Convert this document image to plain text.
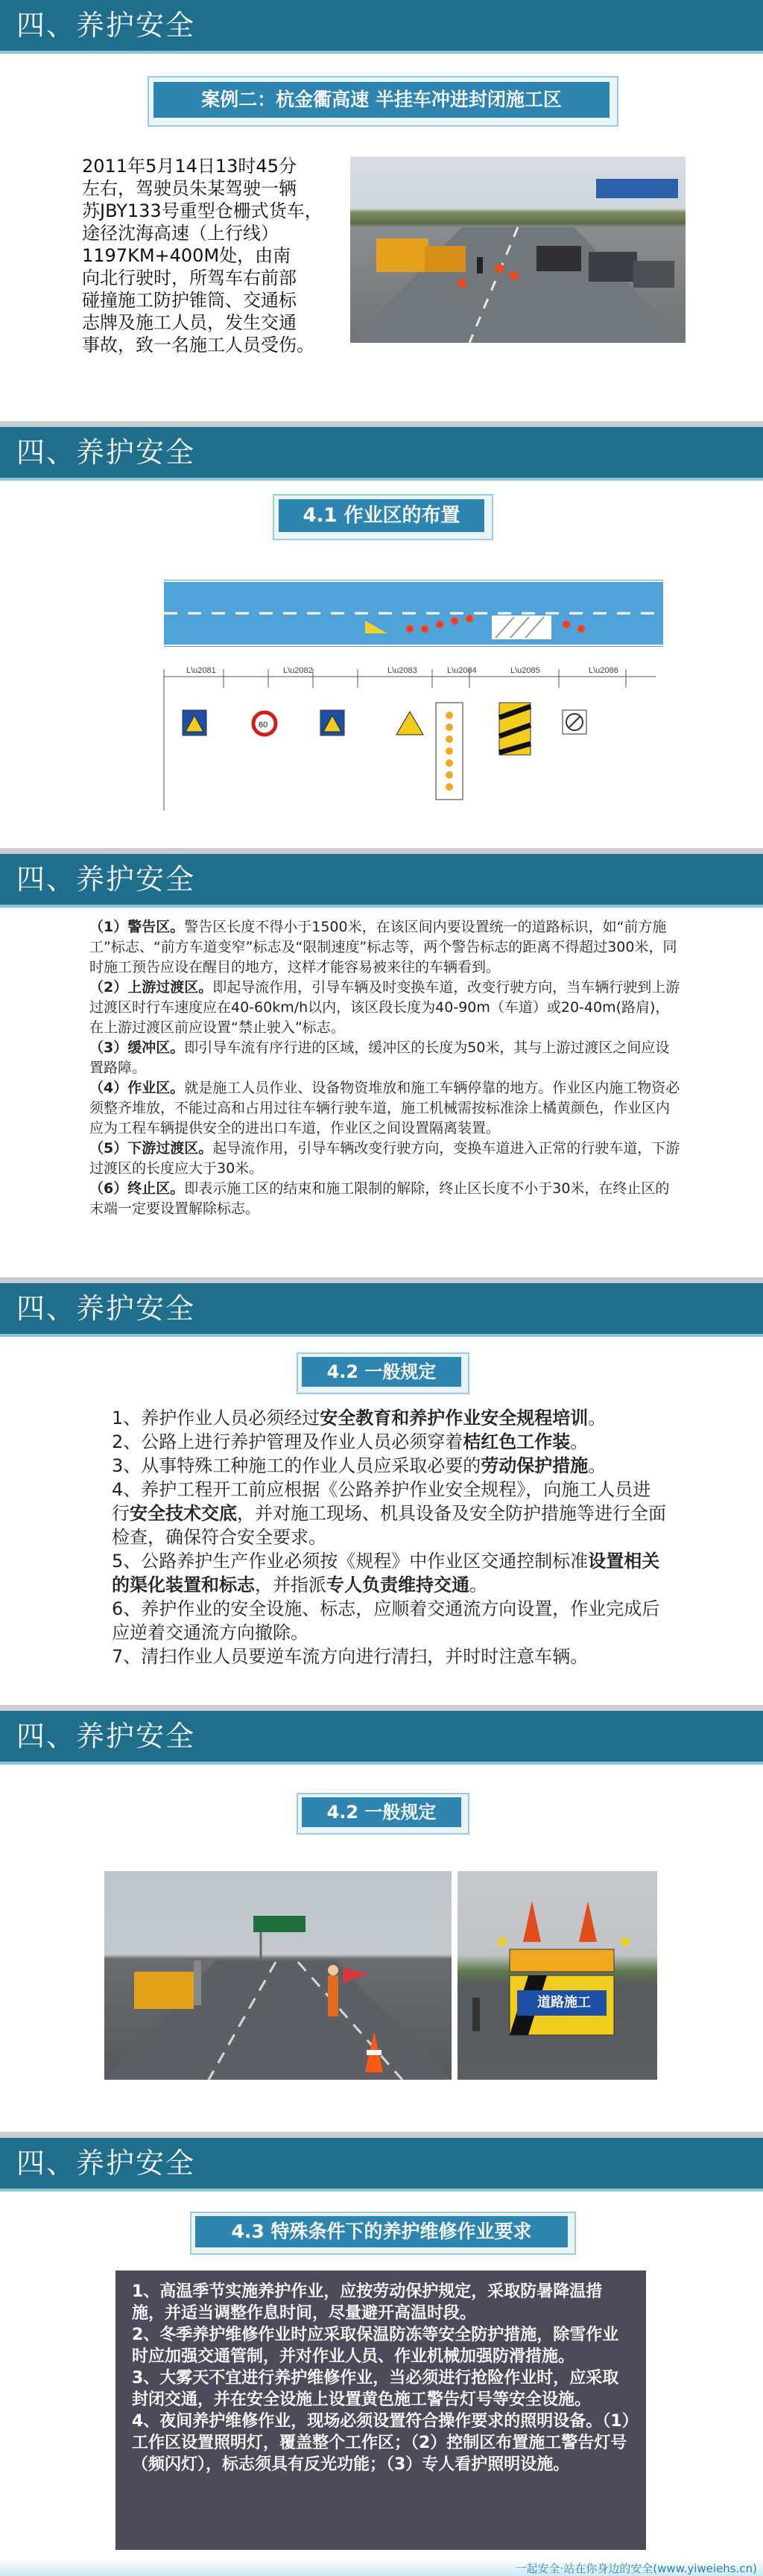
四、养护安全
案例二：杭金衢高速 半挂车冲进封闭施工区
2011年5月14日13时45分
左右，驾驶员朱某驾驶一辆
苏JBY133号重型仓栅式货车，
途径沈海高速（上行线）
1197KM+400M处，由南
向北行驶时，所驾车右前部
碰撞施工防护锥筒、交通标
志牌及施工人员，发生交通
事故，致一名施工人员受伤。
四、养护安全
4.1 作业区的布置
L\u2081	L\u2082	L\u2083	L\u2084	L\u2085	L\u2086
60
四、养护安全
（1）警告区。警告区长度不得小于1500米，在该区间内要设置统一的道路标识，如“前方施工”标志、“前方车道变窄”标志及“限制速度”标志等，两个警告标志的距离不得超过300米，同时施工预告应设在醒目的地方，这样才能容易被来往的车辆看到。
（2）上游过渡区。即起导流作用，引导车辆及时变换车道，改变行驶方向，当车辆行驶到上游过渡区时行车速度应在40-60km/h以内，该区段长度为40-90m（车道）或20-40m(路肩)，在上游过渡区前应设置“禁止驶入”标志。
（3）缓冲区。即引导车流有序行进的区域，缓冲区的长度为50米，其与上游过渡区之间应设置路障。
（4）作业区。就是施工人员作业、设备物资堆放和施工车辆停靠的地方。作业区内施工物资必须整齐堆放，不能过高和占用过往车辆行驶车道，施工机械需按标准涂上橘黄颜色，作业区内应为工程车辆提供安全的进出口车道，作业区之间设置隔离装置。
（5）下游过渡区。起导流作用，引导车辆改变行驶方向，变换车道进入正常的行驶车道，下游过渡区的长度应大于30米。
（6）终止区。即表示施工区的结束和施工限制的解除，终止区长度不小于30米，在终止区的末端一定要设置解除标志。
四、养护安全
4.2 一般规定
1、养护作业人员必须经过安全教育和养护作业安全规程培训。
2、公路上进行养护管理及作业人员必须穿着桔红色工作装。
3、从事特殊工种施工的作业人员应采取必要的劳动保护措施。
4、养护工程开工前应根据《公路养护作业安全规程》，向施工人员进行安全技术交底，并对施工现场、机具设备及安全防护措施等进行全面检查，确保符合安全要求。
5、公路养护生产作业必须按《规程》中作业区交通控制标准设置相关的渠化装置和标志，并指派专人负责维持交通。
6、养护作业的安全设施、标志，应顺着交通流方向设置，作业完成后应逆着交通流方向撤除。
7、清扫作业人员要逆车流方向进行清扫，并时时注意车辆。
四、养护安全
4.2 一般规定
道路施工
四、养护安全
4.3 特殊条件下的养护维修作业要求
1、高温季节实施养护作业，应按劳动保护规定，采取防暑降温措施，并适当调整作息时间，尽量避开高温时段。
2、冬季养护维修作业时应采取保温防冻等安全防护措施，除雪作业时应加强交通管制，并对作业人员、作业机械加强防滑措施。
3、大雾天不宜进行养护维修作业，当必须进行抢险作业时，应采取封闭交通，并在安全设施上设置黄色施工警告灯号等安全设施。
4、夜间养护维修作业，现场必须设置符合操作要求的照明设备。（1）工作区设置照明灯，覆盖整个工作区；（2）控制区布置施工警告灯号（频闪灯），标志须具有反光功能；（3）专人看护照明设施。
一起安全·站在你身边的安全(www.yiweiehs.cn)
